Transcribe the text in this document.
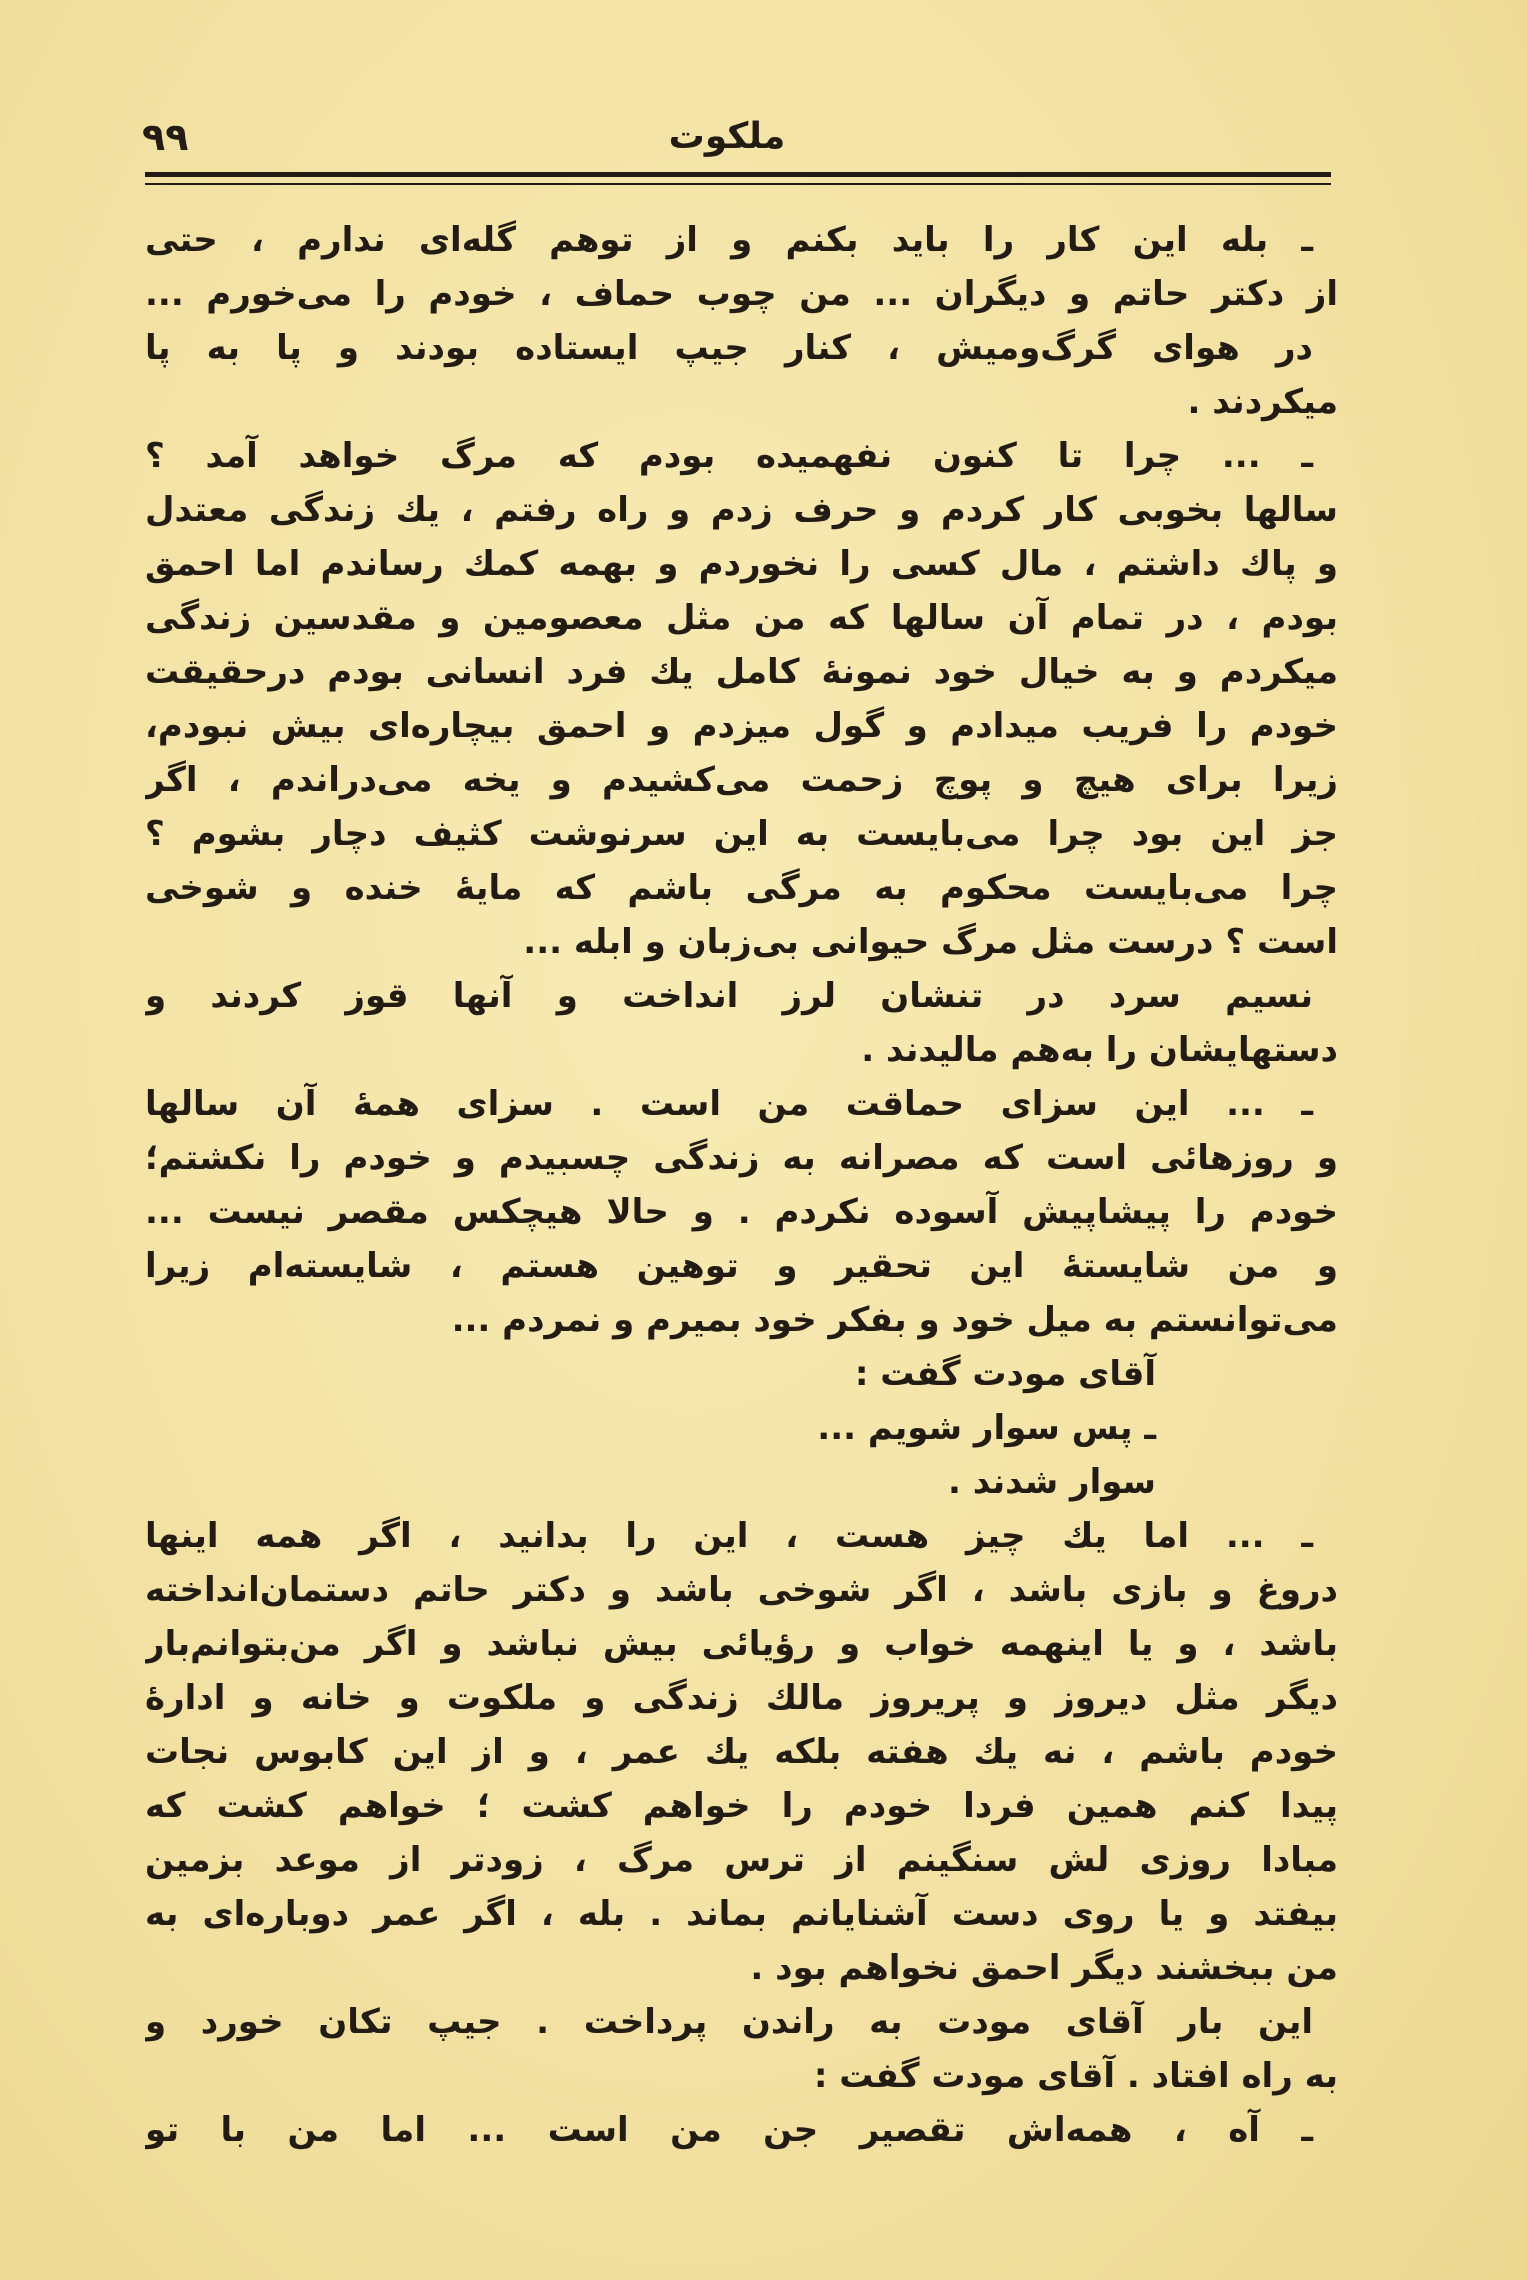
۹۹	ملکوت
ـ بله این کار را باید بکنم و از توهم گله‌ای ندارم ، حتی
از دکتر حاتم و دیگران ... من چوب حماف ، خودم را می‌خورم ...
در هوای گرگ‌ومیش ، کنار جیپ ایستاده بودند و پا به پا
میکردند .
ـ ... چرا تا کنون نفهمیده بودم که مرگ خواهد آمد ؟
سالها بخوبی کار کردم و حرف زدم و راه رفتم ، یك زندگی معتدل
و پاك داشتم ، مال کسی را نخوردم و بهمه کمك رساندم اما احمق
بودم ، در تمام آن سالها که من مثل معصومین و مقدسین زندگی
میکردم و به خیال خود نمونهٔ کامل یك فرد انسانی بودم درحقیقت
خودم را فریب میدادم و گول میزدم و احمق بیچاره‌ای بیش نبودم،
زیرا برای هیچ و پوچ زحمت می‌کشیدم و یخه می‌دراندم ، اگر
جز این بود چرا می‌بایست به این سرنوشت کثیف دچار بشوم ؟
چرا می‌بایست محکوم به مرگی باشم که مایهٔ خنده و شوخی
است ؟ درست مثل مرگ حیوانی بی‌زبان و ابله ...
نسیم سرد در تنشان لرز انداخت و آنها قوز کردند و
دستهایشان را به‌هم مالیدند .
ـ ... این سزای حماقت من است . سزای همهٔ آن سالها
و روزهائی است که مصرانه به زندگی چسبیدم و خودم را نکشتم؛
خودم را پیشاپیش آسوده نکردم . و حالا هیچکس مقصر نیست ...
و من شایستهٔ این تحقیر و توهین هستم ، شایسته‌ام زیرا
می‌توانستم به میل خود و بفکر خود بمیرم و نمردم ...
آقای مودت گفت :
ـ پس سوار شویم ...
سوار شدند .
ـ ... اما یك چیز هست ، این را بدانید ، اگر همه اینها
دروغ و بازی باشد ، اگر شوخی باشد و دکتر حاتم دستمان‌انداخته
باشد ، و یا اینهمه خواب و رؤیائی بیش نباشد و اگر من‌بتوانم‌بار
دیگر مثل دیروز و پریروز مالك زندگی و ملکوت و خانه و ادارهٔ
خودم باشم ، نه یك هفته بلکه یك عمر ، و از این کابوس نجات
پیدا کنم همین فردا خودم را خواهم کشت ؛ خواهم کشت که
مبادا روزی لش سنگینم از ترس مرگ ، زودتر از موعد بزمین
بیفتد و یا روی دست آشنایانم بماند . بله ، اگر عمر دوباره‌ای به
من ببخشند دیگر احمق نخواهم بود .
این بار آقای مودت به راندن پرداخت . جیپ تکان خورد و
به راه افتاد . آقای مودت گفت :
ـ آه ، همه‌اش تقصیر جن من است ... اما من با تو
